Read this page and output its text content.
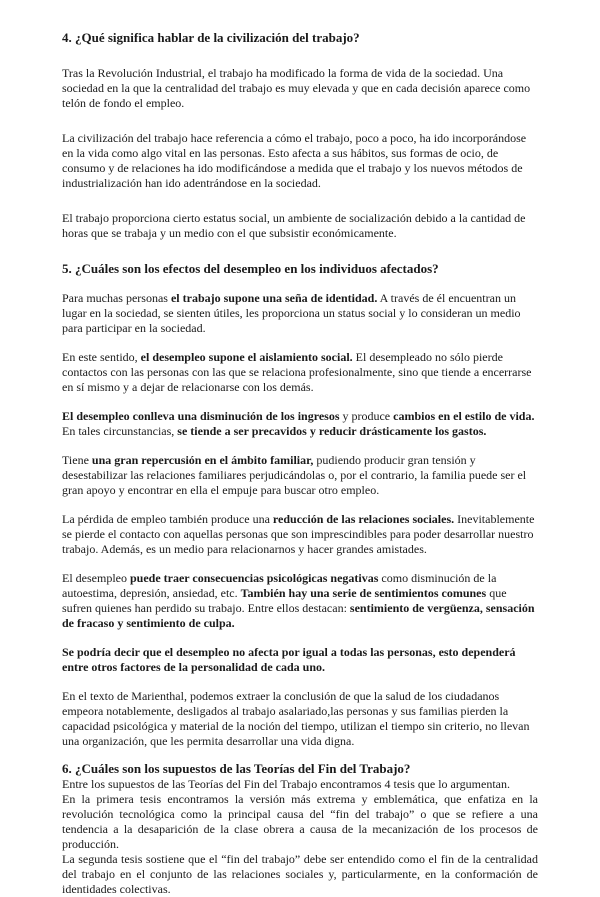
4. ¿Qué significa hablar de la civilización del trabajo?

Tras la Revolución Industrial, el trabajo ha modificado la forma de vida de la sociedad. Una sociedad en la que la centralidad del trabajo es muy elevada y que en cada decisión aparece como telón de fondo el empleo.

La civilización del trabajo hace referencia a cómo el trabajo, poco a poco, ha ido incorporándose en la vida como algo vital en las personas. Esto afecta a sus hábitos, sus formas de ocio, de consumo y de relaciones ha ido modificándose a medida que el trabajo y los nuevos métodos de industrialización han ido adentrándose en la sociedad.

El trabajo proporciona cierto estatus social, un ambiente de socialización debido a la cantidad de horas que se trabaja y un medio con el que subsistir económicamente.

5. ¿Cuáles son los efectos del desempleo en los individuos afectados?

Para muchas personas el trabajo supone una seña de identidad. A través de él encuentran un lugar en la sociedad, se sienten útiles, les proporciona un status social y lo consideran un medio para participar en la sociedad.

En este sentido, el desempleo supone el aislamiento social. El desempleado no sólo pierde contactos con las personas con las que se relaciona profesionalmente, sino que tiende a encerrarse en sí mismo y a dejar de relacionarse con los demás.

El desempleo conlleva una disminución de los ingresos y produce cambios en el estilo de vida. En tales circunstancias, se tiende a ser precavidos y reducir drásticamente los gastos.

Tiene una gran repercusión en el ámbito familiar, pudiendo producir gran tensión y desestabilizar las relaciones familiares perjudicándolas o, por el contrario, la familia puede ser el gran apoyo y encontrar en ella el empuje para buscar otro empleo.

La pérdida de empleo también produce una reducción de las relaciones sociales. Inevitablemente se pierde el contacto con aquellas personas que son imprescindibles para poder desarrollar nuestro trabajo. Además, es un medio para relacionarnos y hacer grandes amistades.

El desempleo puede traer consecuencias psicológicas negativas como disminución de la autoestima, depresión, ansiedad, etc. También hay una serie de sentimientos comunes que sufren quienes han perdido su trabajo. Entre ellos destacan: sentimiento de vergüenza, sensación de fracaso y sentimiento de culpa.

Se podría decir que el desempleo no afecta por igual a todas las personas, esto dependerá entre otros factores de la personalidad de cada uno.

En el texto de Marienthal, podemos extraer la conclusión de que la salud de los ciudadanos empeora notablemente, desligados al trabajo asalariado,las personas y sus familias pierden la capacidad psicológica y material de la noción del tiempo, utilizan el tiempo sin criterio, no llevan una organización, que les permita desarrollar una vida digna.

6. ¿Cuáles son los supuestos de las Teorías del Fin del Trabajo?

Entre los supuestos de las Teorías del Fin del Trabajo encontramos 4 tesis que lo argumentan.

En la primera tesis encontramos la versión más extrema y emblemática, que enfatiza en la revolución tecnológica como la principal causa del “fin del trabajo” o que se refiere a una tendencia a la desaparición de la clase obrera a causa de la mecanización de los procesos de producción.

La segunda tesis sostiene que el “fin del trabajo” debe ser entendido como el fin de la centralidad del trabajo en el conjunto de las relaciones sociales y, particularmente, en la conformación de identidades colectivas.
